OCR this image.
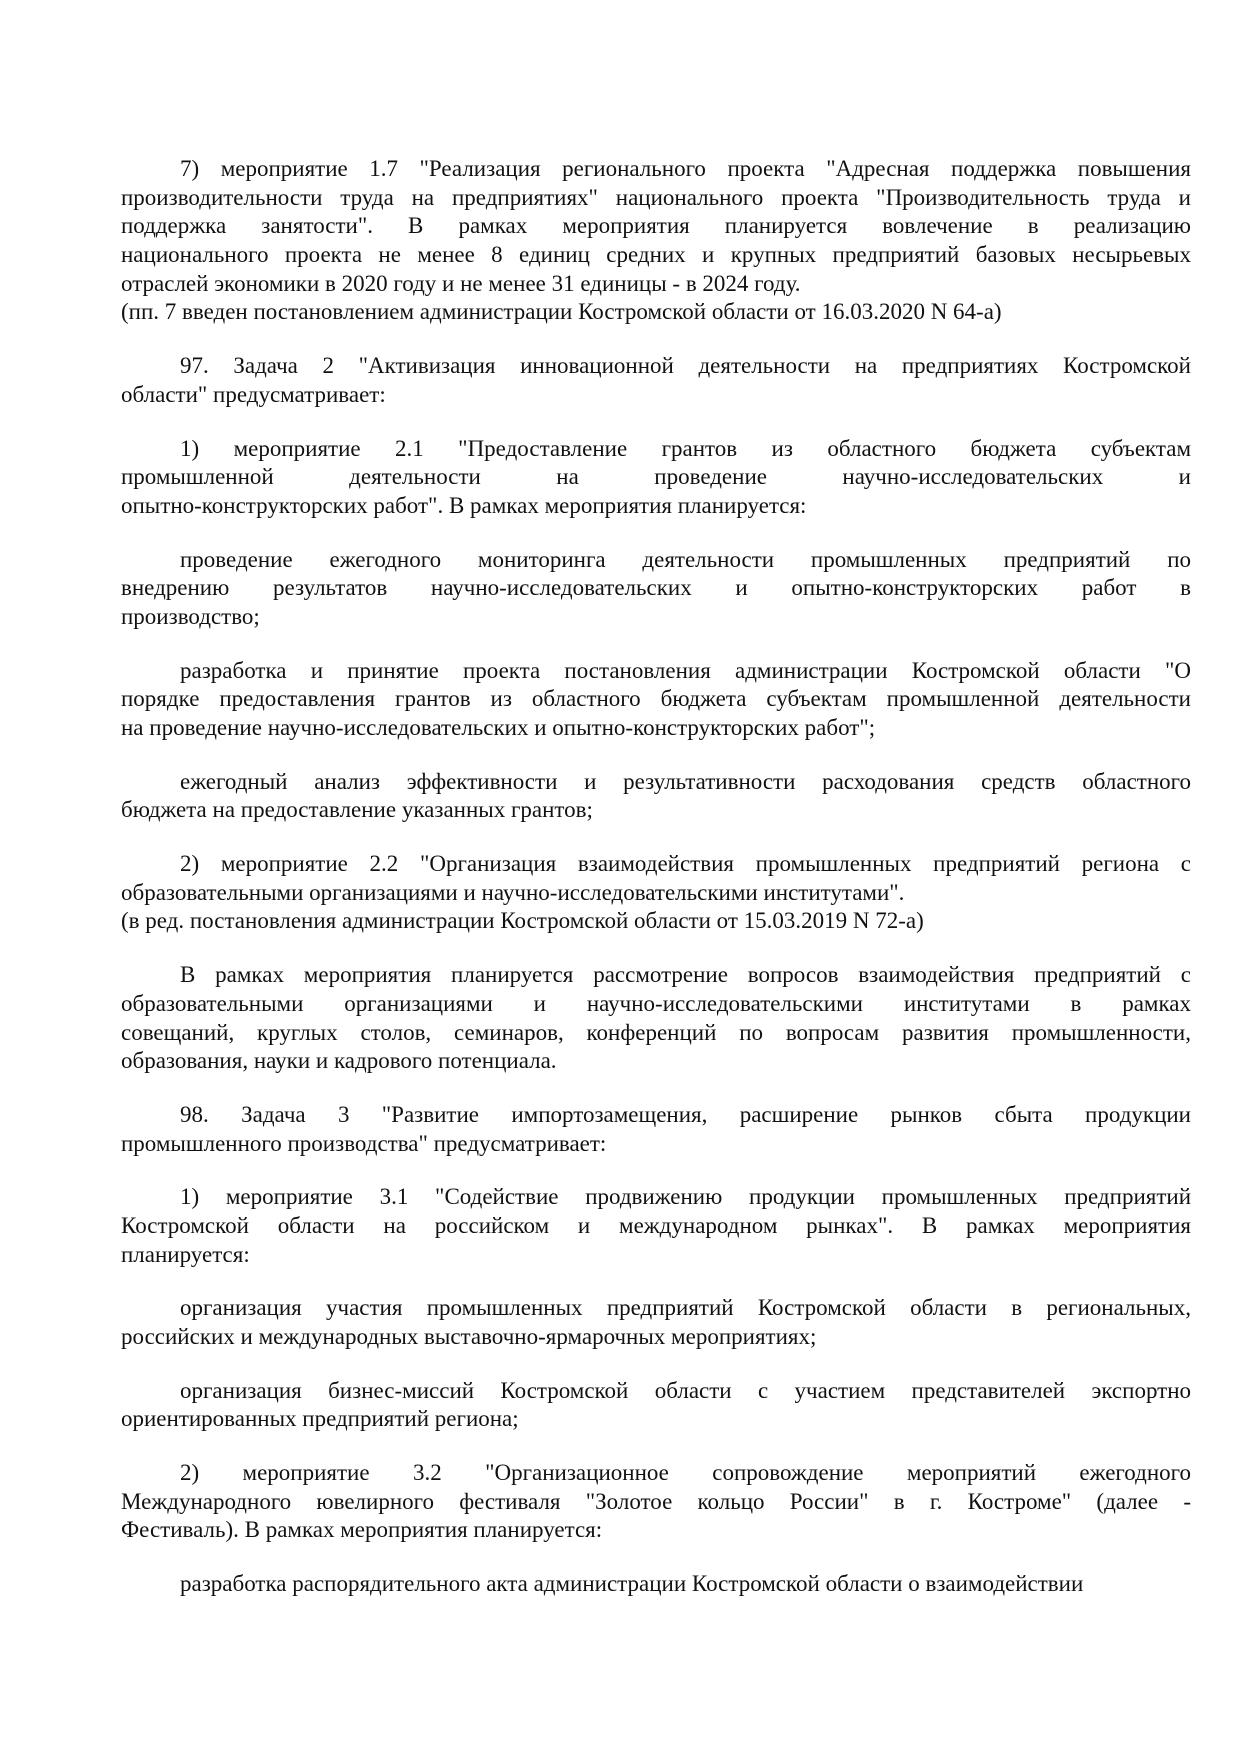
7) мероприятие 1.7 "Реализация регионального проекта "Адресная поддержка повышения
производительности труда на предприятиях" национального проекта "Производительность труда и
поддержка занятости". В рамках мероприятия планируется вовлечение в реализацию
национального проекта не менее 8 единиц средних и крупных предприятий базовых несырьевых
отраслей экономики в 2020 году и не менее 31 единицы - в 2024 году.
(пп. 7 введен постановлением администрации Костромской области от 16.03.2020 N 64-а)
97. Задача 2 "Активизация инновационной деятельности на предприятиях Костромской
области" предусматривает:
1) мероприятие 2.1 "Предоставление грантов из областного бюджета субъектам
промышленной деятельности на проведение научно-исследовательских и
опытно-конструкторских работ". В рамках мероприятия планируется:
проведение ежегодного мониторинга деятельности промышленных предприятий по
внедрению результатов научно-исследовательских и опытно-конструкторских работ в
производство;
разработка и принятие проекта постановления администрации Костромской области "О
порядке предоставления грантов из областного бюджета субъектам промышленной деятельности
на проведение научно-исследовательских и опытно-конструкторских работ";
ежегодный анализ эффективности и результативности расходования средств областного
бюджета на предоставление указанных грантов;
2) мероприятие 2.2 "Организация взаимодействия промышленных предприятий региона с
образовательными организациями и научно-исследовательскими институтами".
(в ред. постановления администрации Костромской области от 15.03.2019 N 72-а)
В рамках мероприятия планируется рассмотрение вопросов взаимодействия предприятий с
образовательными организациями и научно-исследовательскими институтами в рамках
совещаний, круглых столов, семинаров, конференций по вопросам развития промышленности,
образования, науки и кадрового потенциала.
98. Задача 3 "Развитие импортозамещения, расширение рынков сбыта продукции
промышленного производства" предусматривает:
1) мероприятие 3.1 "Содействие продвижению продукции промышленных предприятий
Костромской области на российском и международном рынках". В рамках мероприятия
планируется:
организация участия промышленных предприятий Костромской области в региональных,
российских и международных выставочно-ярмарочных мероприятиях;
организация бизнес-миссий Костромской области с участием представителей экспортно
ориентированных предприятий региона;
2) мероприятие 3.2 "Организационное сопровождение мероприятий ежегодного
Международного ювелирного фестиваля "Золотое кольцо России" в г. Костроме" (далее -
Фестиваль). В рамках мероприятия планируется:
разработка распорядительного акта администрации Костромской области о взаимодействии
